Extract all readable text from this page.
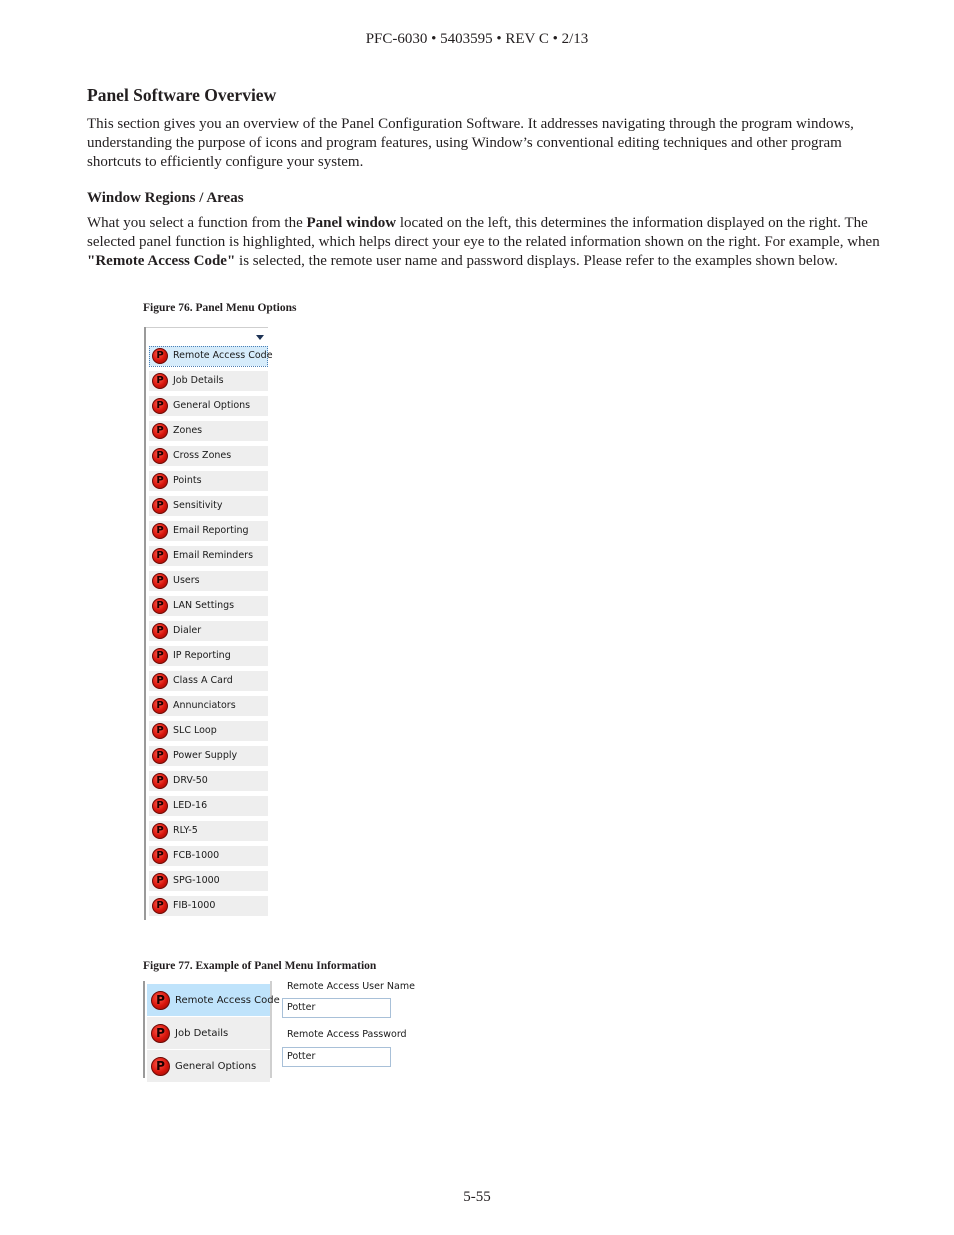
PFC-6030 • 5403595 • REV C • 2/13
Panel Software Overview

This section gives you an overview of the Panel Configuration Software. It addresses navigating through the program windows, understanding the purpose of icons and program features, using Window’s conventional editing techniques and other program shortcuts to efficiently configure your system.

Window Regions / Areas

What you select a function from the Panel window located on the left, this determines the information displayed on the right. The selected panel function is highlighted, which helps direct your eye to the related information shown on the right. For example, when "Remote Access Code" is selected, the remote user name and password displays. Please refer to the examples shown below.

Figure 76. Panel Menu Options
P Remote Access Code
P Job Details
P General Options
P Zones
P Cross Zones
P Points
P Sensitivity
P Email Reporting
P Email Reminders
P Users
P LAN Settings
P Dialer
P IP Reporting
P Class A Card
P Annunciators
P SLC Loop
P Power Supply
P DRV-50
P LED-16
P RLY-5
P FCB-1000
P SPG-1000
P FIB-1000
Figure 77. Example of Panel Menu Information
P	Remote Access Code
P	Job Details
P	General Options
Remote Access User Name
Potter
Remote Access Password
Potter
5-55
